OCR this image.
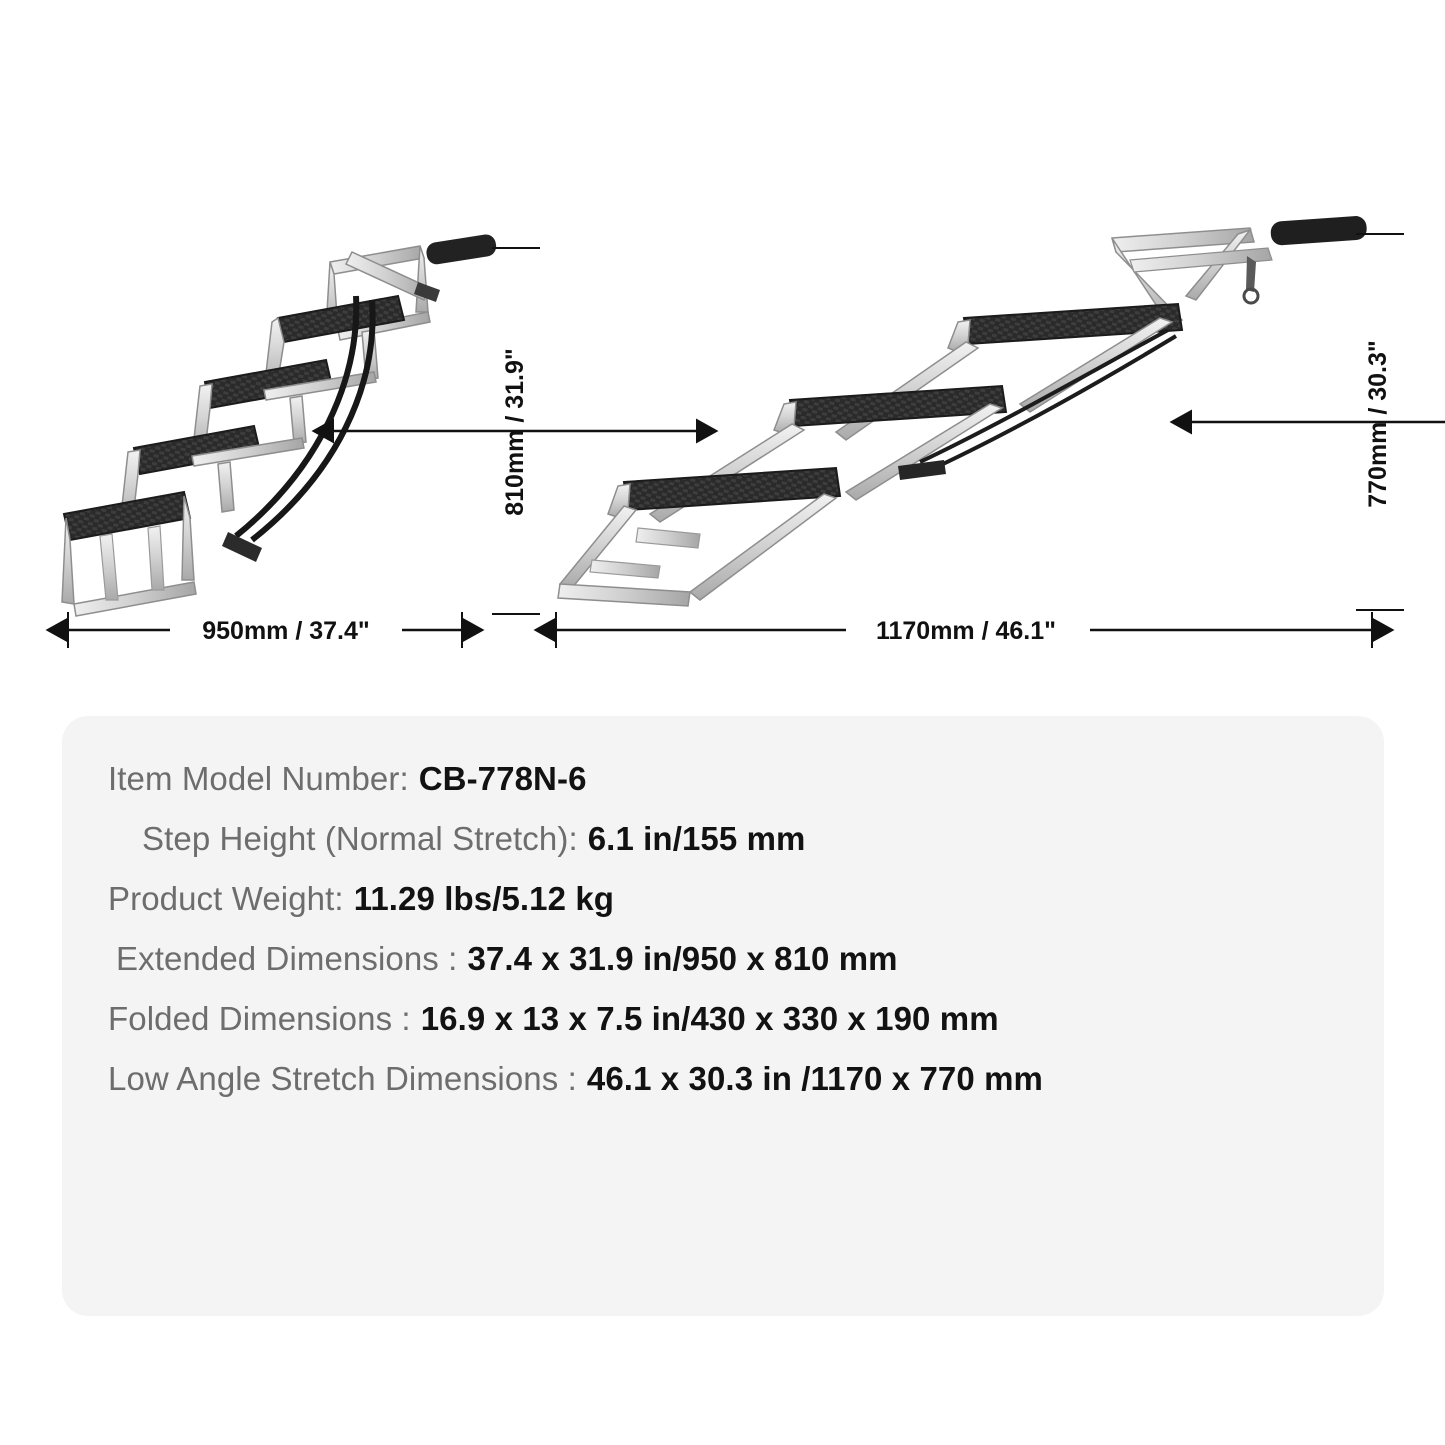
810mm / 31.9"
950mm / 37.4"
770mm / 30.3"
1170mm / 46.1"
Item Model Number: CB-778N-6
Step Height (Normal Stretch): 6.1 in/155 mm
Product Weight: 11.29 lbs/5.12 kg
Extended Dimensions : 37.4 x 31.9 in/950 x 810 mm
Folded Dimensions : 16.9 x 13 x 7.5 in/430 x 330 x 190 mm
Low Angle Stretch Dimensions : 46.1 x 30.3 in /1170 x 770 mm
